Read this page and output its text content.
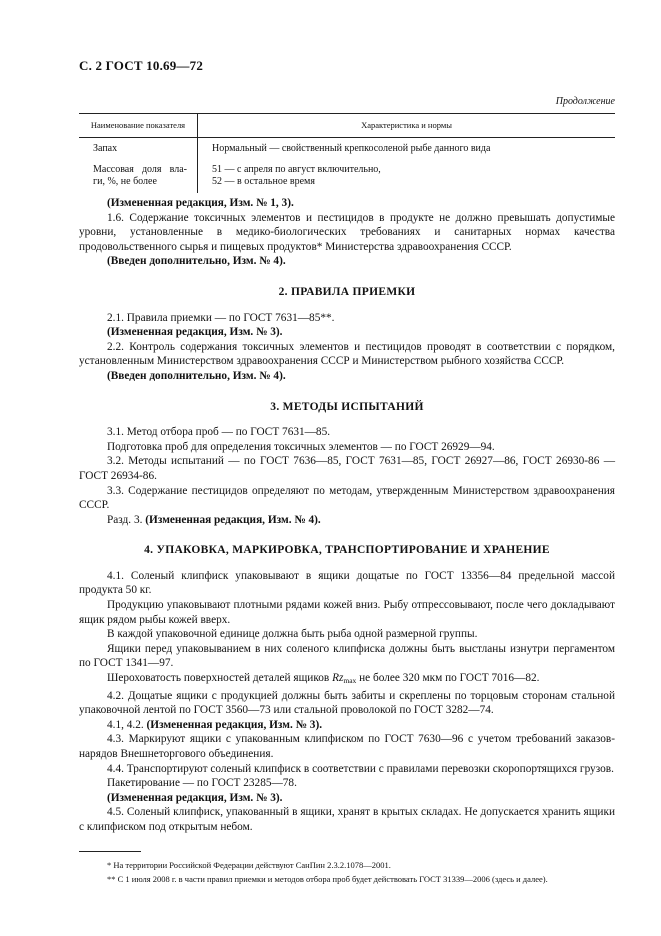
С. 2 ГОСТ 10.69—72
Продолжение
Наименование показателя	Характеристика и нормы
Запах	Нормальный — свойственный крепкосоленой рыбе данного вида
Массовая доля вла-ги, %, не более	51 — с апреля по август включительно,
52 — в остальное время

(Измененная редакция, Изм. № 1, 3).

1.6. Содержание токсичных элементов и пестицидов в продукте не должно превышать допустимые уровни, установленные в медико-биологических требованиях и санитарных нормах качества продовольственного сырья и пищевых продуктов* Министерства здравоохранения СССР.

(Введен дополнительно, Изм. № 4).

2. ПРАВИЛА ПРИЕМКИ

2.1. Правила приемки — по ГОСТ 7631—85**.

(Измененная редакция, Изм. № 3).

2.2. Контроль содержания токсичных элементов и пестицидов проводят в соответствии с порядком, установленным Министерством здравоохранения СССР и Министерством рыбного хозяйства СССР.

(Введен дополнительно, Изм. № 4).

3. МЕТОДЫ ИСПЫТАНИЙ

3.1. Метод отбора проб — по ГОСТ 7631—85.

Подготовка проб для определения токсичных элементов — по ГОСТ 26929—94.

3.2. Методы испытаний — по ГОСТ 7636—85, ГОСТ 7631—85, ГОСТ 26927—86, ГОСТ 26930-86 — ГОСТ 26934-86.

3.3. Содержание пестицидов определяют по методам, утвержденным Министерством здравоохранения СССР.

Разд. 3. (Измененная редакция, Изм. № 4).

4. УПАКОВКА, МАРКИРОВКА, ТРАНСПОРТИРОВАНИЕ И ХРАНЕНИЕ

4.1. Соленый клипфиск упаковывают в ящики дощатые по ГОСТ 13356—84 предельной массой продукта 50 кг.

Продукцию упаковывают плотными рядами кожей вниз. Рыбу отпрессовывают, после чего докладывают ящик рядом рыбы кожей вверх.

В каждой упаковочной единице должна быть рыба одной размерной группы.

Ящики перед упаковыванием в них соленого клипфиска должны быть выстланы изнутри пергаментом по ГОСТ 1341—97.

Шероховатость поверхностей деталей ящиков $Rz_{max}$ не более 320 мкм по ГОСТ 7016—82.

4.2. Дощатые ящики с продукцией должны быть забиты и скреплены по торцовым сторонам стальной упаковочной лентой по ГОСТ 3560—73 или стальной проволокой по ГОСТ 3282—74.

4.1, 4.2. (Измененная редакция, Изм. № 3).

4.3. Маркируют ящики с упакованным клипфиском по ГОСТ 7630—96 с учетом требований заказов-нарядов Внешнеторгового объединения.

4.4. Транспортируют соленый клипфиск в соответствии с правилами перевозки скоропортящихся грузов.

Пакетирование — по ГОСТ 23285—78.

(Измененная редакция, Изм. № 3).

4.5. Соленый клипфиск, упакованный в ящики, хранят в крытых складах. Не допускается хранить ящики с клипфиском под открытым небом.

* На территории Российской Федерации действуют СанПин 2.3.2.1078—2001.

** С 1 июля 2008 г. в части правил приемки и методов отбора проб будет действовать ГОСТ 31339—2006 (здесь и далее).
